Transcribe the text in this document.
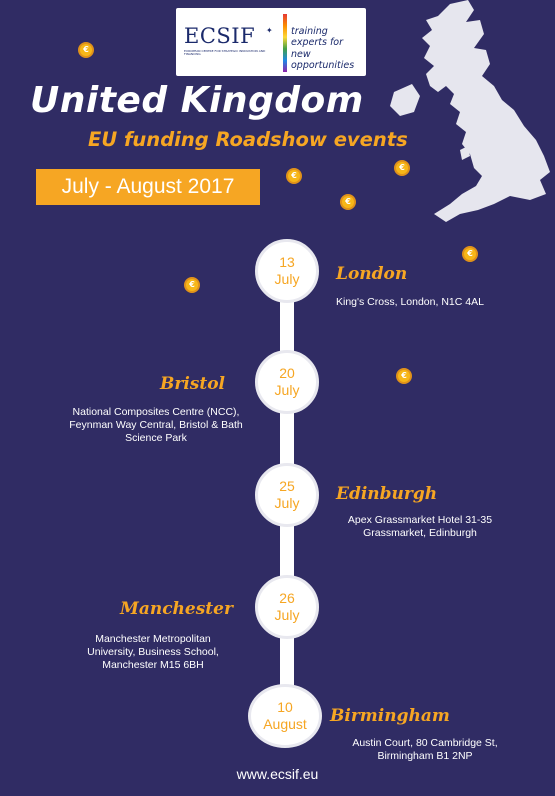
ECSIF ✦
EUROPEAN CENTRE FOR STRATEGIC INNOVATION AND FINANCING
training experts for new opportunities
United Kingdom
EU funding Roadshow events
July - August 2017
€
€
€
€
€
€
€
13
July London
King's Cross, London, N1C 4AL
20
July
Bristol
National Composites Centre (NCC), Feynman Way Central, Bristol & Bath Science Park
25
July Edinburgh
Apex Grassmarket Hotel 31-35 Grassmarket, Edinburgh
26
July
Manchester
Manchester Metropolitan University, Business School, Manchester M15 6BH
10
August Birmingham
Austin Court, 80 Cambridge St, Birmingham B1 2NP
www.ecsif.eu
